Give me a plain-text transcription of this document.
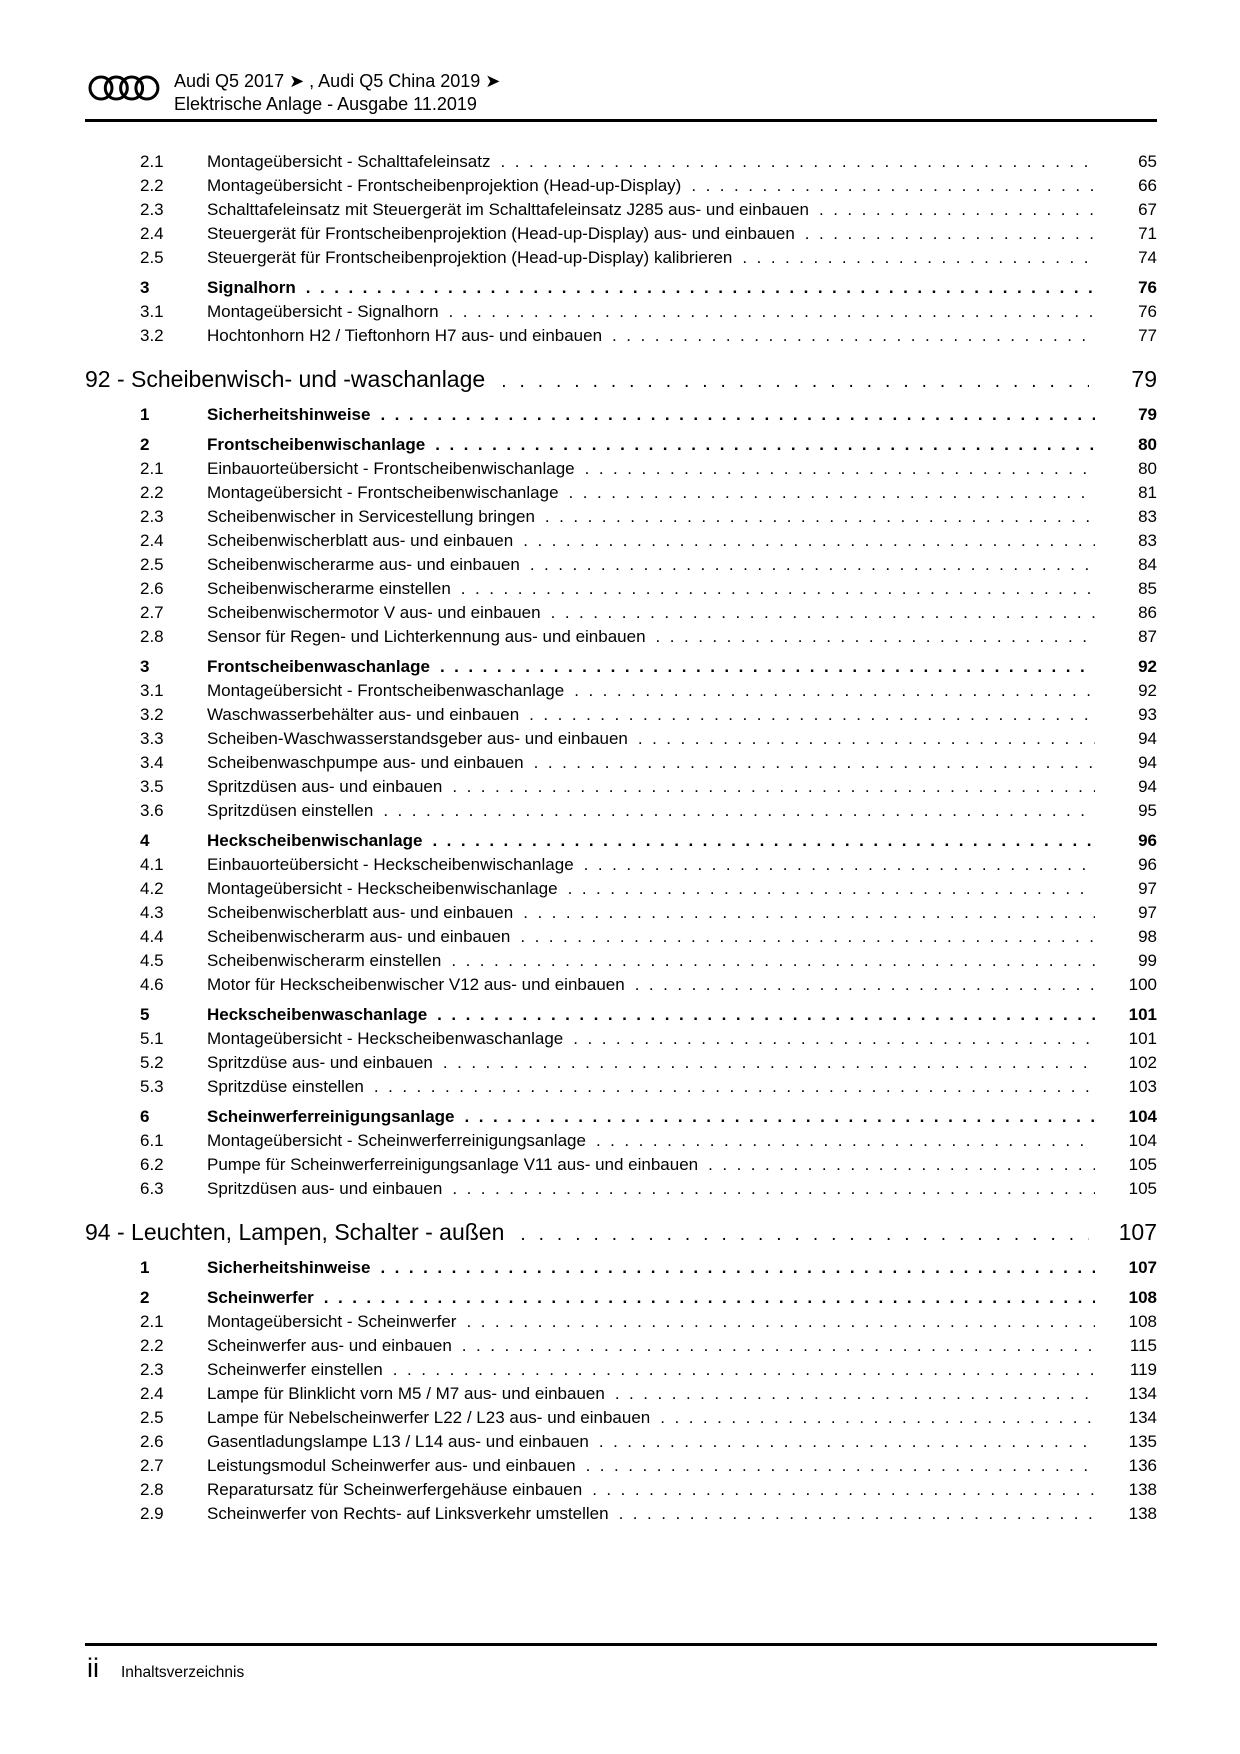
Audi Q5 2017 ➤ , Audi Q5 China 2019 ➤
Elektrische Anlage - Ausgabe 11.2019
2.1	Montageübersicht - Schalttafeleinsatz .....	65
2.2	Montageübersicht - Frontscheibenprojektion (Head-up-Display) .....	66
2.3	Schalttafeleinsatz mit Steuergerät im Schalttafeleinsatz J285 aus- und einbauen .....	67
2.4	Steuergerät für Frontscheibenprojektion (Head-up-Display) aus- und einbauen .....	71
2.5	Steuergerät für Frontscheibenprojektion (Head-up-Display) kalibrieren .....	74
3	Signalhorn .....	76
3.1	Montageübersicht - Signalhorn .....	76
3.2	Hochtonhorn H2 / Tieftonhorn H7 aus- und einbauen .....	77
92 - Scheibenwisch- und -waschanlage .....	79
1	Sicherheitshinweise .....	79
2	Frontscheibenwischanlage .....	80
2.1	Einbauorteübersicht - Frontscheibenwischanlage .....	80
2.2	Montageübersicht - Frontscheibenwischanlage .....	81
2.3	Scheibenwischer in Servicestellung bringen .....	83
2.4	Scheibenwischerblatt aus- und einbauen .....	83
2.5	Scheibenwischerarme aus- und einbauen .....	84
2.6	Scheibenwischerarme einstellen .....	85
2.7	Scheibenwischermotor V aus- und einbauen .....	86
2.8	Sensor für Regen- und Lichterkennung aus- und einbauen .....	87
3	Frontscheibenwaschanlage .....	92
3.1	Montageübersicht - Frontscheibenwaschanlage .....	92
3.2	Waschwasserbehälter aus- und einbauen .....	93
3.3	Scheiben-Waschwasserstandsgeber aus- und einbauen .....	94
3.4	Scheibenwaschpumpe aus- und einbauen .....	94
3.5	Spritzdüsen aus- und einbauen .....	94
3.6	Spritzdüsen einstellen .....	95
4	Heckscheibenwischanlage .....	96
4.1	Einbauorteübersicht - Heckscheibenwischanlage .....	96
4.2	Montageübersicht - Heckscheibenwischanlage .....	97
4.3	Scheibenwischerblatt aus- und einbauen .....	97
4.4	Scheibenwischerarm aus- und einbauen .....	98
4.5	Scheibenwischerarm einstellen .....	99
4.6	Motor für Heckscheibenwischer V12 aus- und einbauen .....	100
5	Heckscheibenwaschanlage .....	101
5.1	Montageübersicht - Heckscheibenwaschanlage .....	101
5.2	Spritzdüse aus- und einbauen .....	102
5.3	Spritzdüse einstellen .....	103
6	Scheinwerferreinigungsanlage .....	104
6.1	Montageübersicht - Scheinwerferreinigungsanlage .....	104
6.2	Pumpe für Scheinwerferreinigungsanlage V11 aus- und einbauen .....	105
6.3	Spritzdüsen aus- und einbauen .....	105
94 - Leuchten, Lampen, Schalter - außen .....	107
1	Sicherheitshinweise .....	107
2	Scheinwerfer .....	108
2.1	Montageübersicht - Scheinwerfer .....	108
2.2	Scheinwerfer aus- und einbauen .....	115
2.3	Scheinwerfer einstellen .....	119
2.4	Lampe für Blinklicht vorn M5 / M7 aus- und einbauen .....	134
2.5	Lampe für Nebelscheinwerfer L22 / L23 aus- und einbauen .....	134
2.6	Gasentladungslampe L13 / L14 aus- und einbauen .....	135
2.7	Leistungsmodul Scheinwerfer aus- und einbauen .....	136
2.8	Reparatursatz für Scheinwerfergehäuse einbauen .....	138
2.9	Scheinwerfer von Rechts- auf Linksverkehr umstellen .....	138
ii Inhaltsverzeichnis
